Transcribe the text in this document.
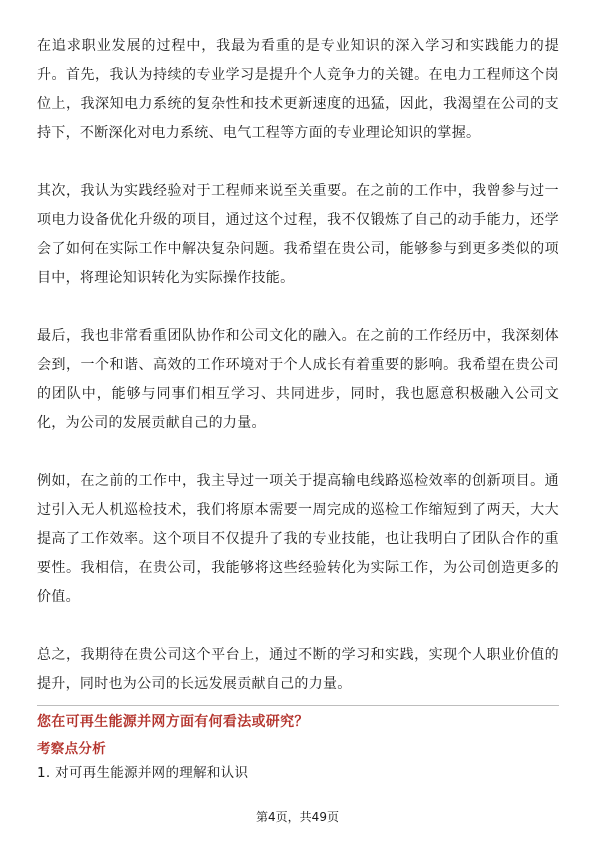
在追求职业发展的过程中，我最为看重的是专业知识的深入学习和实践能力的提升。首先，我认为持续的专业学习是提升个人竞争力的关键。在电力工程师这个岗位上，我深知电力系统的复杂性和技术更新速度的迅猛，因此，我渴望在公司的支持下，不断深化对电力系统、电气工程等方面的专业理论知识的掌握。

其次，我认为实践经验对于工程师来说至关重要。在之前的工作中，我曾参与过一项电力设备优化升级的项目，通过这个过程，我不仅锻炼了自己的动手能力，还学会了如何在实际工作中解决复杂问题。我希望在贵公司，能够参与到更多类似的项目中，将理论知识转化为实际操作技能。

最后，我也非常看重团队协作和公司文化的融入。在之前的工作经历中，我深刻体会到，一个和谐、高效的工作环境对于个人成长有着重要的影响。我希望在贵公司的团队中，能够与同事们相互学习、共同进步，同时，我也愿意积极融入公司文化，为公司的发展贡献自己的力量。

例如，在之前的工作中，我主导过一项关于提高输电线路巡检效率的创新项目。通过引入无人机巡检技术，我们将原本需要一周完成的巡检工作缩短到了两天，大大提高了工作效率。这个项目不仅提升了我的专业技能，也让我明白了团队合作的重要性。我相信，在贵公司，我能够将这些经验转化为实际工作，为公司创造更多的价值。

总之，我期待在贵公司这个平台上，通过不断的学习和实践，实现个人职业价值的提升，同时也为公司的长远发展贡献自己的力量。

您在可再生能源并网方面有何看法或研究？
考察点分析
1. 对可再生能源并网的理解和认识
第4页，共49页
